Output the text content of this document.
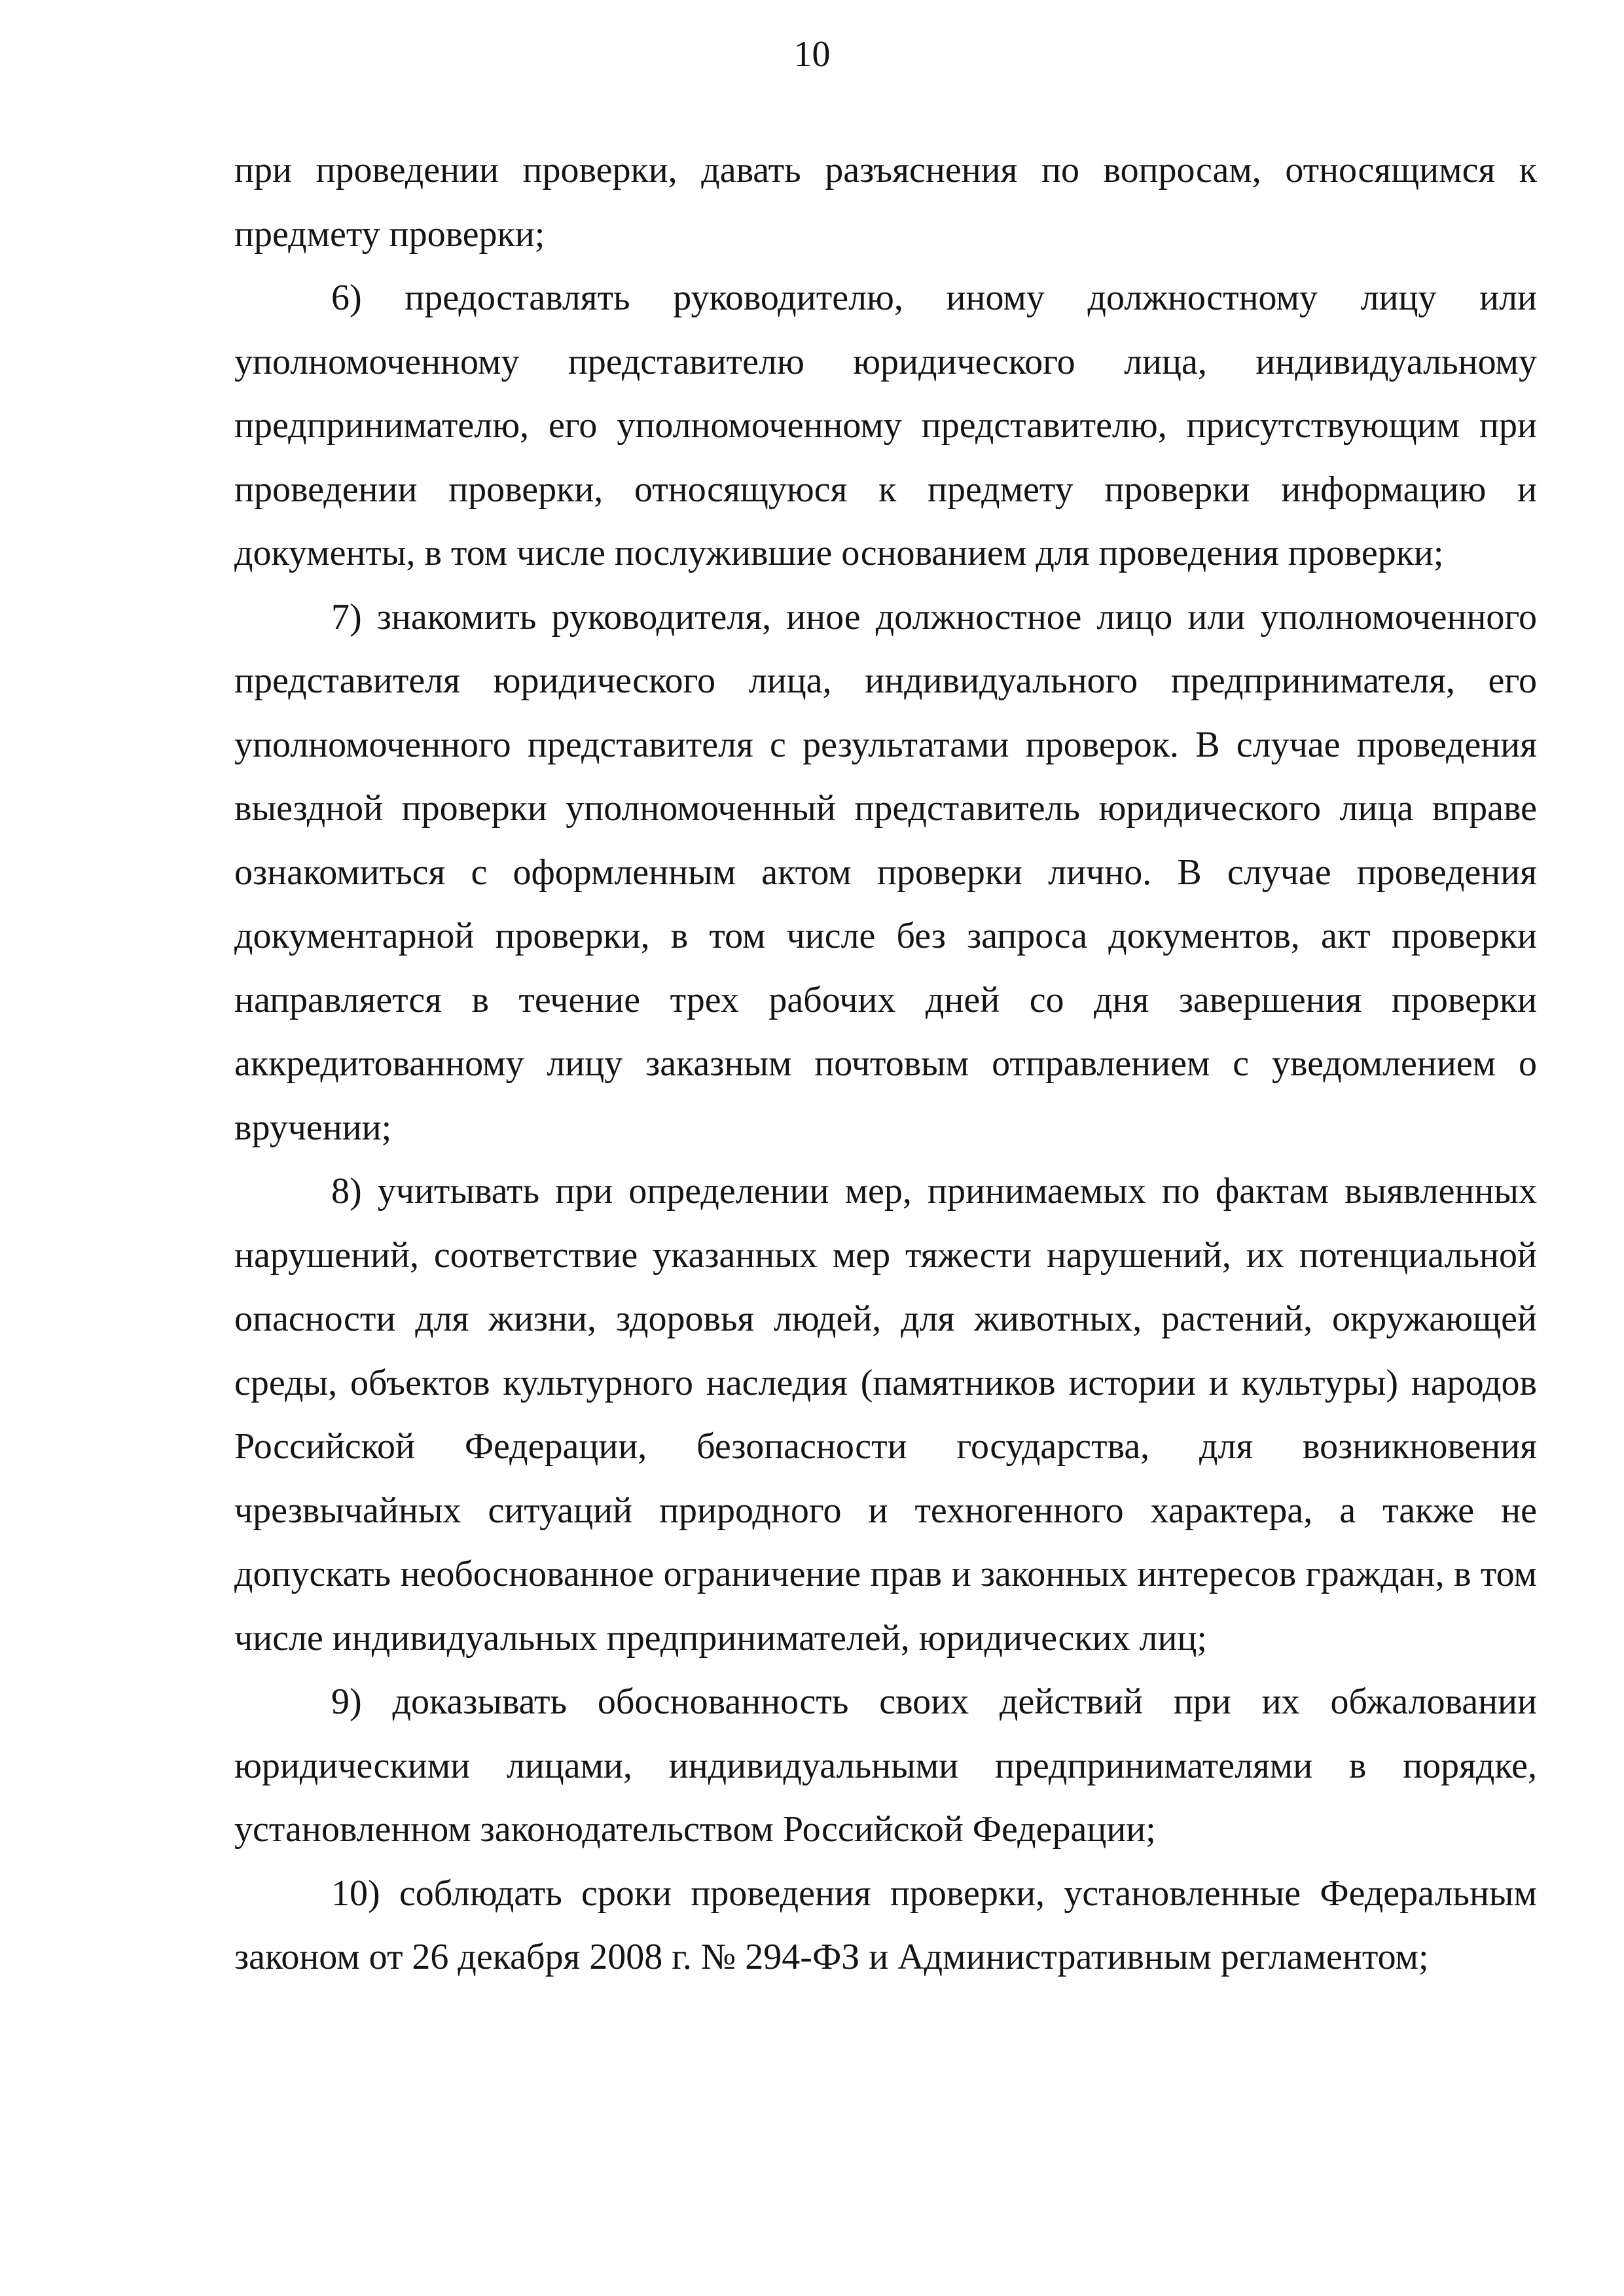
10

при проведении проверки, давать разъяснения по вопросам, относящимся к предмету проверки;

6) предоставлять руководителю, иному должностному лицу или уполномоченному представителю юридического лица, индивидуальному предпринимателю, его уполномоченному представителю, присутствующим при проведении проверки, относящуюся к предмету проверки информацию и документы, в том числе послужившие основанием для проведения проверки;

7) знакомить руководителя, иное должностное лицо или уполномоченного представителя юридического лица, индивидуального предпринимателя, его уполномоченного представителя с результатами проверок. В случае проведения выездной проверки уполномоченный представитель юридического лица вправе ознакомиться с оформленным актом проверки лично. В случае проведения документарной проверки, в том числе без запроса документов, акт проверки направляется в течение трех рабочих дней со дня завершения проверки аккредитованному лицу заказным почтовым отправлением с уведомлением о вручении;

8) учитывать при определении мер, принимаемых по фактам выявленных нарушений, соответствие указанных мер тяжести нарушений, их потенциальной опасности для жизни, здоровья людей, для животных, растений, окружающей среды, объектов культурного наследия (памятников истории и культуры) народов Российской Федерации, безопасности государства, для возникновения чрезвычайных ситуаций природного и техногенного характера, а также не допускать необоснованное ограничение прав и законных интересов граждан, в том числе индивидуальных предпринимателей, юридических лиц;

9) доказывать обоснованность своих действий при их обжаловании юридическими лицами, индивидуальными предпринимателями в порядке, установленном законодательством Российской Федерации;

10) соблюдать сроки проведения проверки, установленные Федеральным законом от 26 декабря 2008 г. № 294-ФЗ и Административным регламентом;
